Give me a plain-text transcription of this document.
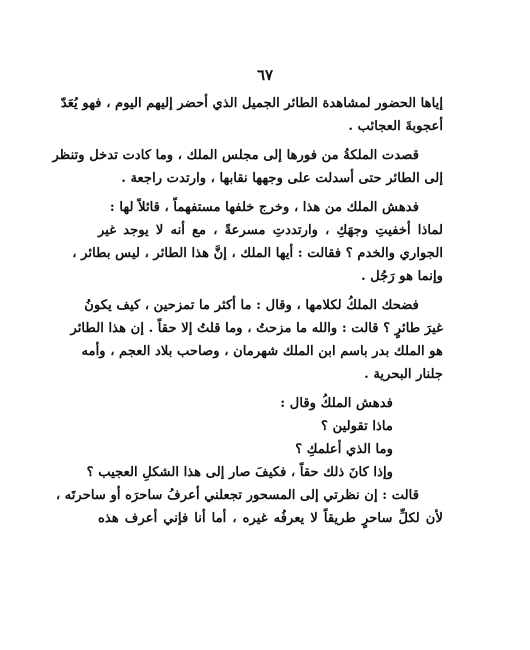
٦٧
إياها الحضور لمشاهدة الطائر الجميل الذي أحضر إليهم اليوم ، فهو يُعَدّ
أعجوبةَ العجائب .
قصدت الملكةُ من فورها إلى مجلس الملك ، وما كادت تدخل وتنظر
إلى الطائر حتى أسدلت على وجهها نقابها ، وارتدت راجعة .
فدهش الملك من هذا ، وخرج خلفها مستفهماً ، قائلاً لها :
لماذا أخفيتِ وجهَكِ ، وارتددتِ مسرعةً ، مع أنه لا يوجد غير
الجواري والخدم ؟ فقالت : أيها الملك ، إنَّ هذا الطائر ، ليس بطائر ،
وإنما هو رَجُل .
فضحك الملكُ لكلامها ، وقال : ما أكثر ما تمزحين ، كيف يكونُ
غيرَ طائرٍ ؟ قالت : والله ما مزحتُ ، وما قلتُ إلا حقاً . إن هذا الطائر
هو الملك بدر باسم ابن الملك شهرمان ، وصاحب بلاد العجم ، وأمه
جلنار البحرية .
فدهش الملكُ وقال :
ماذا تقولين ؟
وما الذي أعلمكِ ؟
وإذا كانَ ذلك حقاً ، فكيفَ صار إلى هذا الشكلِ العجيب ؟
قالت : إن نظرتي إلى المسحور تجعلني أعرفُ ساحرَه أو ساحرتَه ،
لأن لكلِّ ساحرٍ طريقاً لا يعرفُه غيره ، أما أنا فإني أعرف هذه
